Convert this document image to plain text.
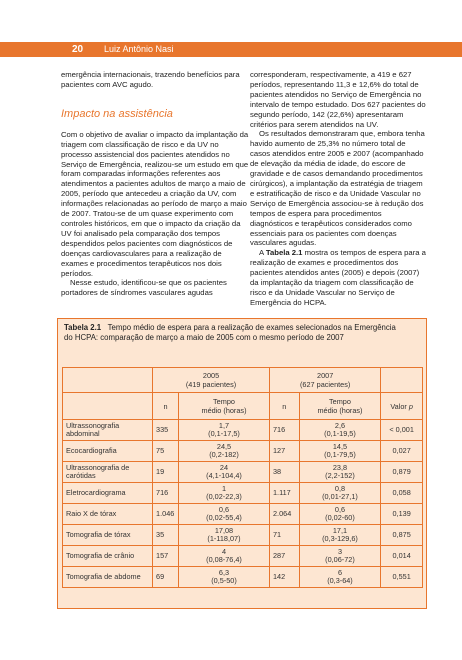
20 Luiz Antônio Nasi

emergência internacionais, trazendo benefícios para pacientes com AVC agudo.

Impacto na assistência

Com o objetivo de avaliar o impacto da implantação da triagem com classificação de risco e da UV no processo assistencial dos pacientes atendidos no Serviço de Emergência, realizou-se um estudo em que foram comparadas informações referentes aos atendimentos a pacientes adultos de março a maio de 2005, período que antecedeu a criação da UV, com informações relacionadas ao período de março a maio de 2007. Tratou-se de um quase experimento com controles históricos, em que o impacto da criação da UV foi analisado pela comparação dos tempos despendidos pelos pacientes com diagnósticos de doenças cardiovasculares para a realização de exames e procedimentos terapêuticos nos dois períodos.

Nesse estudo, identificou-se que os pacientes portadores de síndromes vasculares agudas

corresponderam, respectivamente, a 419 e 627 períodos, representando 11,3 e 12,6% do total de pacientes atendidos no Serviço de Emergência no intervalo de tempo estudado. Dos 627 pacientes do segundo período, 142 (22,6%) apresentaram critérios para serem atendidos na UV.

Os resultados demonstraram que, embora tenha havido aumento de 25,3% no número total de casos atendidos entre 2005 e 2007 (acompanhado de elevação da média de idade, do escore de gravidade e de casos demandando procedimentos cirúrgicos), a implantação da estratégia de triagem e estratificação de risco e da Unidade Vascular no Serviço de Emergência associou-se à redução dos tempos de espera para procedimentos diagnósticos e terapêuticos considerados como essenciais para os pacientes com doenças vasculares agudas.

A Tabela 2.1 mostra os tempos de espera para a realização de exames e procedimentos dos pacientes atendidos antes (2005) e depois (2007) da implantação da triagem com classificação de risco e da Unidade Vascular no Serviço de Emergência do HCPA.

Tabela 2.1 Tempo médio de espera para a realização de exames selecionados na Emergência do HCPA: comparação de março a maio de 2005 com o mesmo período de 2007
	2005
(419 pacientes)		2007
(627 pacientes)		
	n	Tempo
médio (horas)	n	Tempo
médio (horas)	Valor p
Ultrassonografia abdominal	335	1,7
(0,1-17,5)	716	2,6
(0,1-19,5)	< 0,001
Ecocardiografia	75	24,5
(0,2-182)	127	14,5
(0,1-79,5)	0,027
Ultrassonografia de carótidas	19	24
(4,1-104,4)	38	23,8
(2,2-152)	0,879
Eletrocardiograma	716	1
(0,02-22,3)	1.117	0,8
(0,01-27,1)	0,058
Raio X de tórax	1.046	0,6
(0,02-55,4)	2.064	0,6
(0,02-60)	0,139
Tomografia de tórax	35	17,08
(1-118,07)	71	17,1
(0,3-129,6)	0,875
Tomografia de crânio	157	4
(0,08-76,4)	287	3
(0,06-72)	0,014
Tomografia de abdome	69	6,3
(0,5-50)	142	6
(0,3-64)	0,551
